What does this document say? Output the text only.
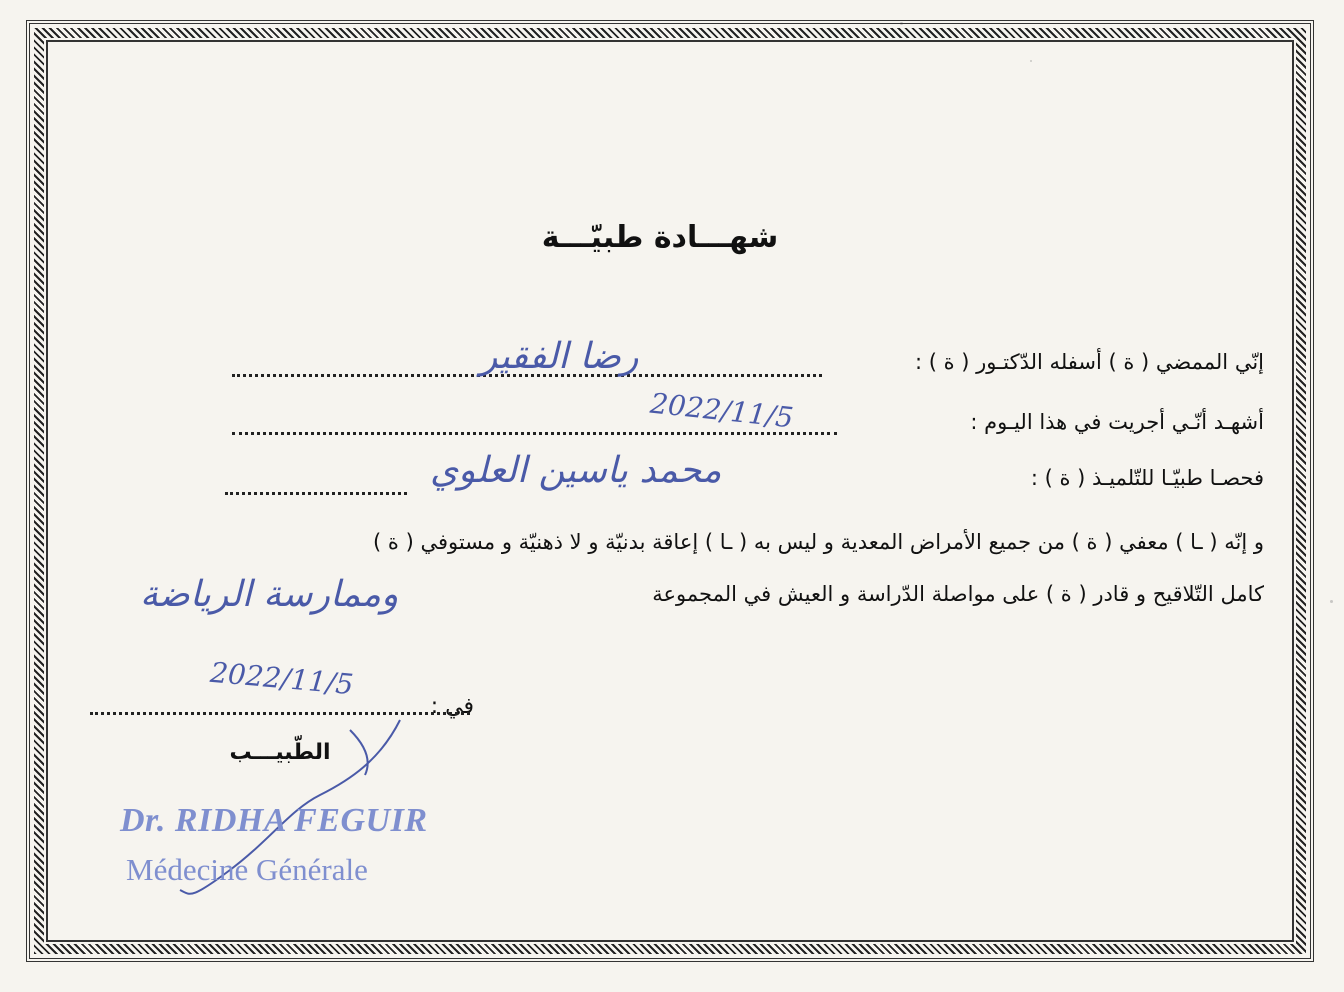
شهـــادة طبيّـــة
إنّي الممضي ( ة ) أسفله الدّكتـور ( ة ) :
رضا الفقير
أشهـد أنّـي أجريت في هذا اليـوم :
2022/11/5
فحصـا طبيّـا للتّلميـذ ( ة ) :
محمد ياسين العلوي
و إنّه ( ـا ) معفي ( ة ) من جميع الأمراض المعدية و ليس به ( ـا ) إعاقة بدنيّة و لا ذهنيّة و مستوفي ( ة )
كامل التّلاقيح و قادر ( ة ) على مواصلة الدّراسة و العيش في المجموعة
وممارسة الرياضة
في :
2022/11/5
الطّبيـــب
Dr. RIDHA FEGUIR
Médecine Générale
